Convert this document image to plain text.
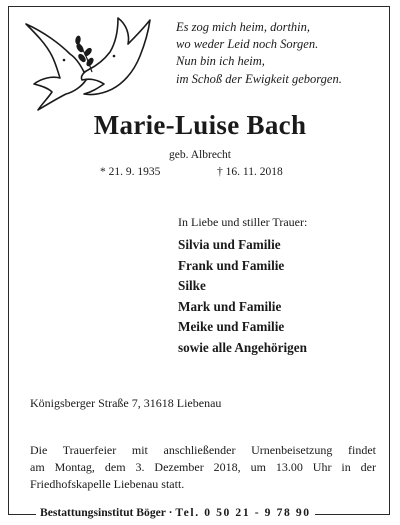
Es zog mich heim, dorthin,
wo weder Leid noch Sorgen.
Nun bin ich heim,
im Schoß der Ewigkeit geborgen.
Marie-Luise Bach
geb. Albrecht
* 21. 9. 1935	† 16. 11. 2018
In Liebe und stiller Trauer:
Silvia und Familie
Frank und Familie
Silke
Mark und Familie
Meike und Familie
sowie alle Angehörigen
Königsberger Straße 7, 31618 Liebenau
Die Trauerfeier mit anschließender Urnenbeisetzung findet
am Montag, dem 3. Dezember 2018, um 13.00 Uhr in der
Friedhofskapelle Liebenau statt.
Bestattungsinstitut Böger · Tel. 0 50 21 - 9 78 90
